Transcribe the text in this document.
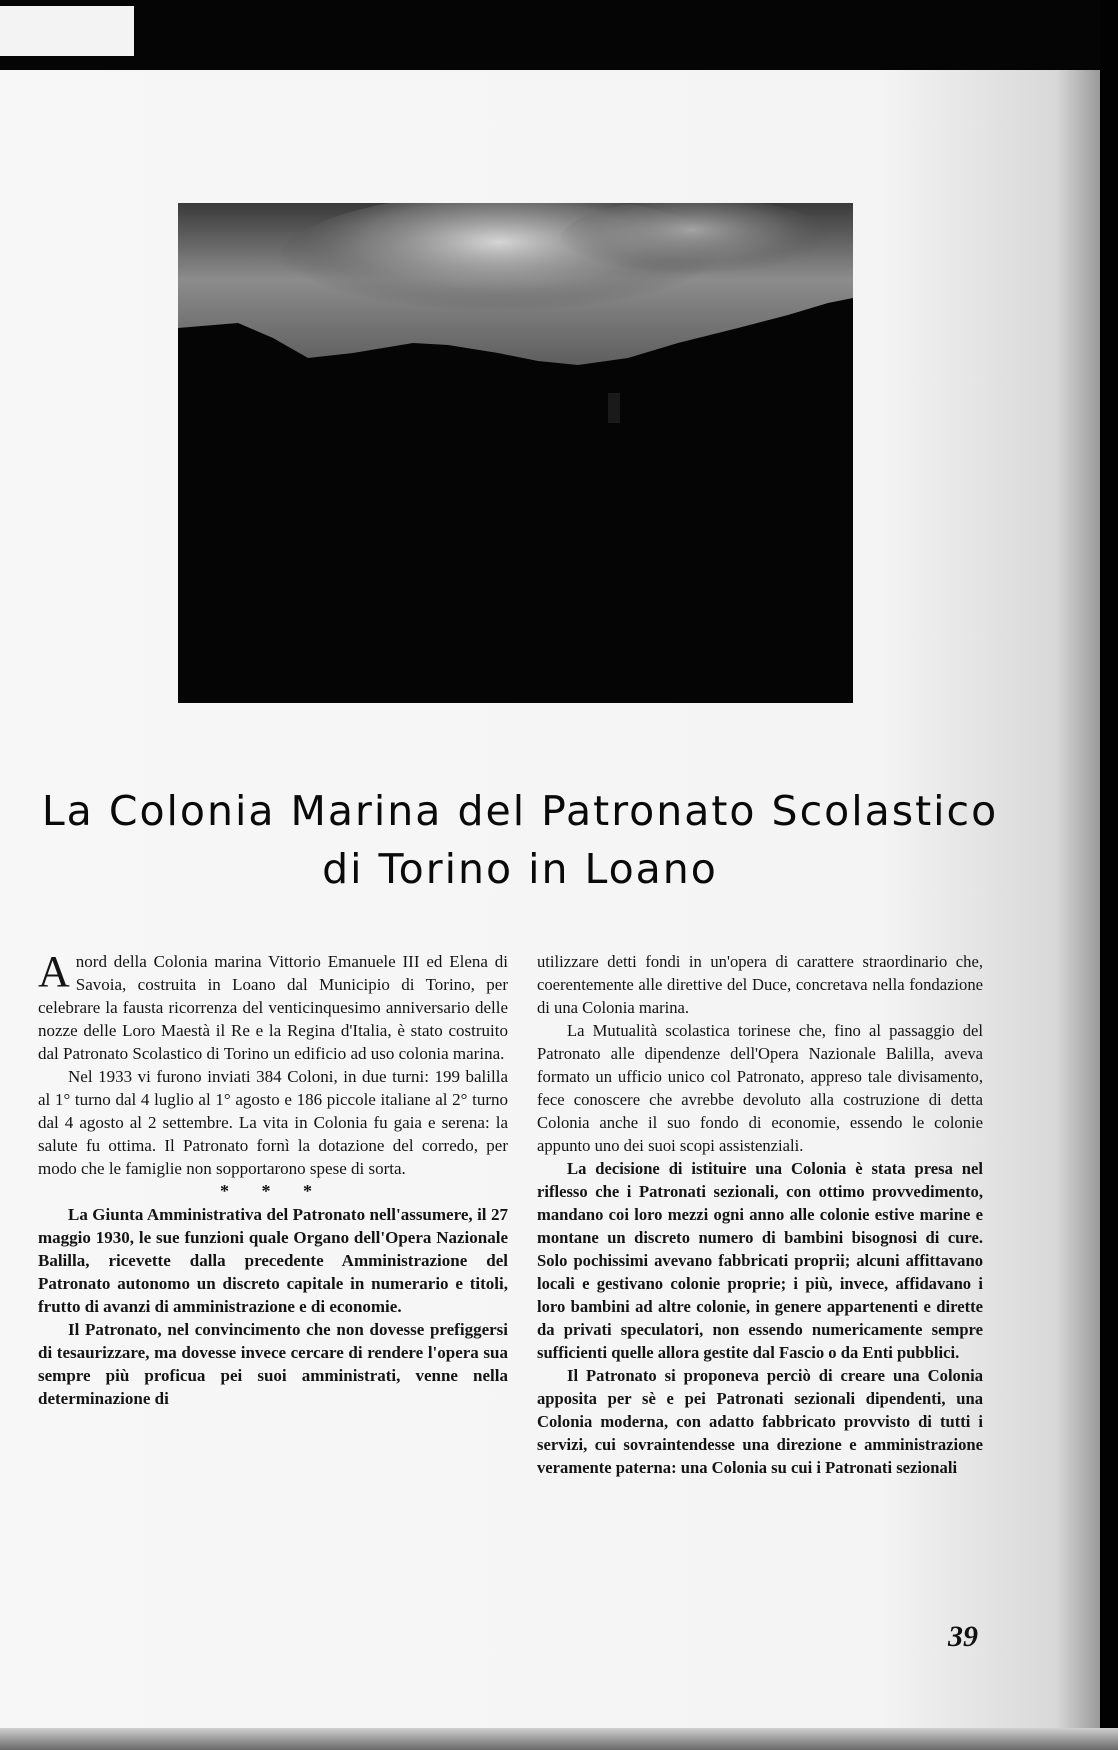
La Colonia Marina del Patronato Scolastico
di Torino in Loano

A nord della Colonia marina Vittorio Emanuele III ed Elena di Savoia, costruita in Loano dal Municipio di Torino, per celebrare la fausta ricorrenza del venticinquesimo anniversario delle nozze delle Loro Maestà il Re e la Regina d'Italia, è stato costruito dal Patronato Scolastico di Torino un edificio ad uso colonia marina.

Nel 1933 vi furono inviati 384 Coloni, in due turni: 199 balilla al 1° turno dal 4 luglio al 1° agosto e 186 piccole italiane al 2° turno dal 4 agosto al 2 settembre. La vita in Colonia fu gaia e serena: la salute fu ottima. Il Patronato fornì la dotazione del corredo, per modo che le famiglie non sopportarono spese di sorta.

* * *

La Giunta Amministrativa del Patronato nell'assumere, il 27 maggio 1930, le sue funzioni quale Organo dell'Opera Nazionale Balilla, ricevette dalla precedente Amministrazione del Patronato autonomo un discreto capitale in numerario e titoli, frutto di avanzi di amministrazione e di economie.

Il Patronato, nel convincimento che non dovesse prefiggersi di tesaurizzare, ma dovesse invece cercare di rendere l'opera sua sempre più proficua pei suoi amministrati, venne nella determinazione di

utilizzare detti fondi in un'opera di carattere straordinario che, coerentemente alle direttive del Duce, concretava nella fondazione di una Colonia marina.

La Mutualità scolastica torinese che, fino al passaggio del Patronato alle dipendenze dell'Opera Nazionale Balilla, aveva formato un ufficio unico col Patronato, appreso tale divisamento, fece conoscere che avrebbe devoluto alla costruzione di detta Colonia anche il suo fondo di economie, essendo le colonie appunto uno dei suoi scopi assistenziali.

La decisione di istituire una Colonia è stata presa nel riflesso che i Patronati sezionali, con ottimo provvedimento, mandano coi loro mezzi ogni anno alle colonie estive marine e montane un discreto numero di bambini bisognosi di cure. Solo pochissimi avevano fabbricati proprii; alcuni affittavano locali e gestivano colonie proprie; i più, invece, affidavano i loro bambini ad altre colonie, in genere appartenenti e dirette da privati speculatori, non essendo numericamente sempre sufficienti quelle allora gestite dal Fascio o da Enti pubblici.

Il Patronato si proponeva perciò di creare una Colonia apposita per sè e pei Patronati sezionali dipendenti, una Colonia moderna, con adatto fabbricato provvisto di tutti i servizi, cui sovraintendesse una direzione e amministrazione veramente paterna: una Colonia su cui i Patronati sezionali

39
